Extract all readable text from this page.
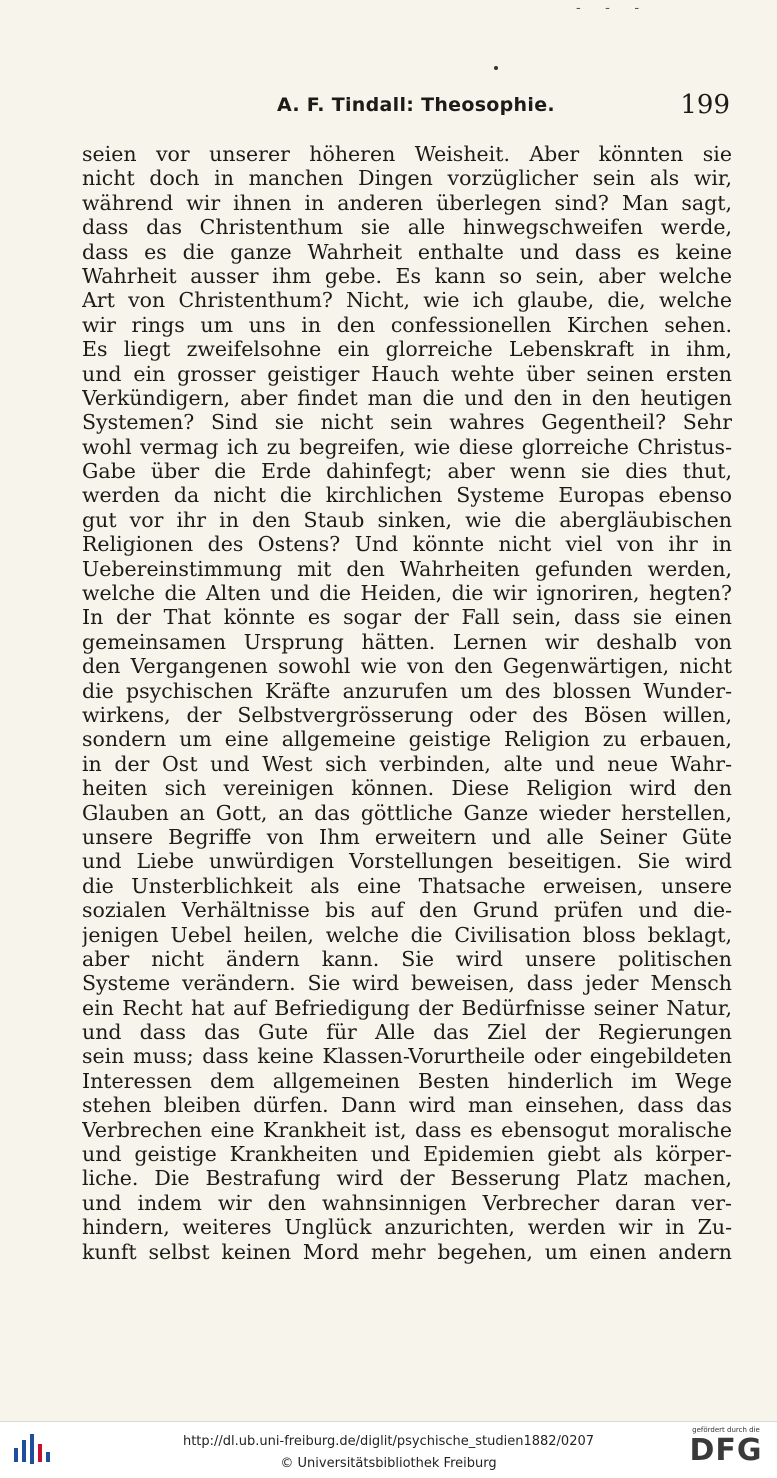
- - -
A. F. Tindall: Theosophie.	199
seien vor unserer höheren Weisheit. Aber könnten sie
nicht doch in manchen Dingen vorzüglicher sein als wir,
während wir ihnen in anderen überlegen sind? Man sagt,
dass das Christenthum sie alle hinwegschweifen werde,
dass es die ganze Wahrheit enthalte und dass es keine
Wahrheit ausser ihm gebe. Es kann so sein, aber welche
Art von Christenthum? Nicht, wie ich glaube, die, welche
wir rings um uns in den confessionellen Kirchen sehen.
Es liegt zweifelsohne ein glorreiche Lebenskraft in ihm,
und ein grosser geistiger Hauch wehte über seinen ersten
Verkündigern, aber findet man die und den in den heutigen
Systemen? Sind sie nicht sein wahres Gegentheil? Sehr
wohl vermag ich zu begreifen, wie diese glorreiche Christus-
Gabe über die Erde dahinfegt; aber wenn sie dies thut,
werden da nicht die kirchlichen Systeme Europas ebenso
gut vor ihr in den Staub sinken, wie die abergläubischen
Religionen des Ostens? Und könnte nicht viel von ihr in
Uebereinstimmung mit den Wahrheiten gefunden werden,
welche die Alten und die Heiden, die wir ignoriren, hegten?
In der That könnte es sogar der Fall sein, dass sie einen
gemeinsamen Ursprung hätten. Lernen wir deshalb von
den Vergangenen sowohl wie von den Gegenwärtigen, nicht
die psychischen Kräfte anzurufen um des blossen Wunder-
wirkens, der Selbstvergrösserung oder des Bösen willen,
sondern um eine allgemeine geistige Religion zu erbauen,
in der Ost und West sich verbinden, alte und neue Wahr-
heiten sich vereinigen können. Diese Religion wird den
Glauben an Gott, an das göttliche Ganze wieder herstellen,
unsere Begriffe von Ihm erweitern und alle Seiner Güte
und Liebe unwürdigen Vorstellungen beseitigen. Sie wird
die Unsterblichkeit als eine Thatsache erweisen, unsere
sozialen Verhältnisse bis auf den Grund prüfen und die-
jenigen Uebel heilen, welche die Civilisation bloss beklagt,
aber nicht ändern kann. Sie wird unsere politischen
Systeme verändern. Sie wird beweisen, dass jeder Mensch
ein Recht hat auf Befriedigung der Bedürfnisse seiner Natur,
und dass das Gute für Alle das Ziel der Regierungen
sein muss; dass keine Klassen-Vorurtheile oder eingebildeten
Interessen dem allgemeinen Besten hinderlich im Wege
stehen bleiben dürfen. Dann wird man einsehen, dass das
Verbrechen eine Krankheit ist, dass es ebensogut moralische
und geistige Krankheiten und Epidemien giebt als körper-
liche. Die Bestrafung wird der Besserung Platz machen,
und indem wir den wahnsinnigen Verbrecher daran ver-
hindern, weiteres Unglück anzurichten, werden wir in Zu-
kunft selbst keinen Mord mehr begehen, um einen andern
http://dl.ub.uni-freiburg.de/diglit/psychische_studien1882/0207
© Universitätsbibliothek Freiburg
gefördert durch die
DFG
